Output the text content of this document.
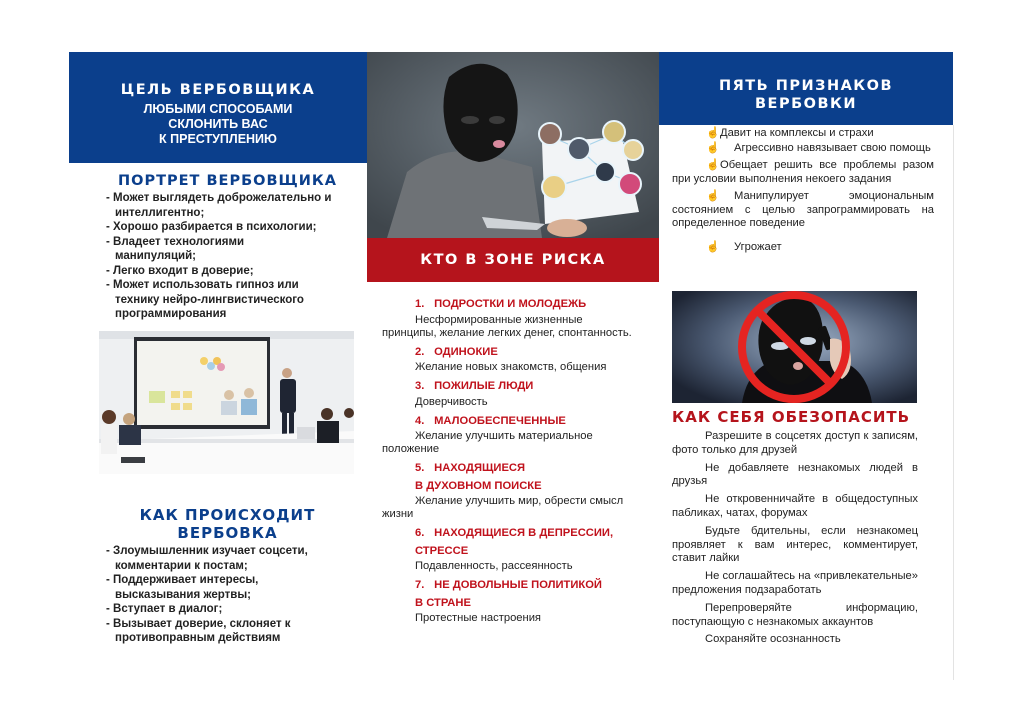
ЦЕЛЬ ВЕРБОВЩИКА
ЛЮБЫМИ СПОСОБАМИ
СКЛОНИТЬ ВАС
К ПРЕСТУПЛЕНИЮ
ПОРТРЕТ ВЕРБОВЩИКА
- Может выглядеть доброжелательно и интеллигентно;
- Хорошо разбирается в психологии;
- Владеет технологиями манипуляций;
- Легко входит в доверие;
- Может использовать гипноз или технику нейро-лингвистического программирования
КАК ПРОИСХОДИТ
ВЕРБОВКА
- Злоумышленник изучает соцсети, комментарии к постам;
- Поддерживает интересы, высказывания жертвы;
- Вступает в диалог;
- Вызывает доверие, склоняет к противоправным действиям
КТО В ЗОНЕ РИСКА
1. ПОДРОСТКИ И МОЛОДЕЖЬ
Несформированные жизненные принципы, желание легких денег, спонтанность.
2. ОДИНОКИЕ
Желание новых знакомств, общения
3. ПОЖИЛЫЕ ЛЮДИ
Доверчивость
4. МАЛООБЕСПЕЧЕННЫЕ
Желание улучшить материальное положение
5. НАХОДЯЩИЕСЯ
В ДУХОВНОМ ПОИСКЕ
Желание улучшить мир, обрести смысл жизни
6. НАХОДЯЩИЕСЯ В ДЕПРЕССИИ,
СТРЕССЕ
Подавленность, рассеянность
7. НЕ ДОВОЛЬНЫЕ ПОЛИТИКОЙ
В СТРАНЕ
Протестные настроения
ПЯТЬ ПРИЗНАКОВ
ВЕРБОВКИ

☝Давит на комплексы и страхи

☝ Агрессивно навязывает свою помощь

☝Обещает решить все проблемы разом при условии выполнения некоего задания

☝ Манипулирует эмоциональным состоянием с целью запрограммировать на определенное поведение

☝ Угрожает

КАК СЕБЯ ОБЕЗОПАСИТЬ

Разрешите в соцсетях доступ к записям, фото только для друзей

Не добавляете незнакомых людей в друзья

Не откровенничайте в общедоступных пабликах, чатах, форумах

Будьте бдительны, если незнакомец проявляет к вам интерес, комментирует, ставит лайки

Не соглашайтесь на «привлекательные» предложения подзаработать

Перепроверяйте информацию, поступающую с незнакомых аккаунтов

Сохраняйте осознанность
